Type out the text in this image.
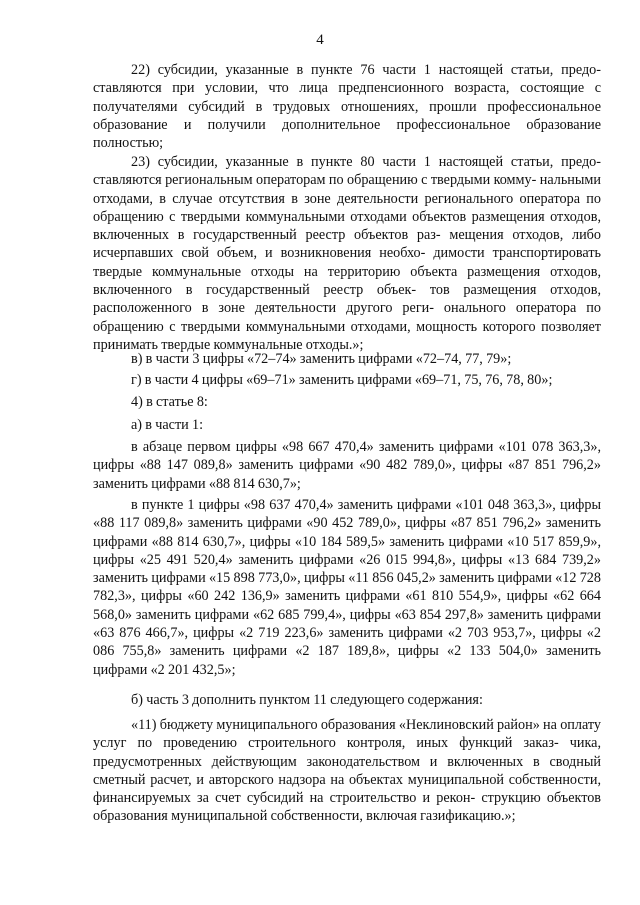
4
22) субсидии, указанные в пункте 76 части 1 настоящей статьи, предо- ставляются при условии, что лица предпенсионного возраста, состоящие с получателями субсидий в трудовых отношениях, прошли профессиональное образование и получили дополнительное профессиональное образование полностью;
23) субсидии, указанные в пункте 80 части 1 настоящей статьи, предо- ставляются региональным операторам по обращению с твердыми комму- нальными отходами, в случае отсутствия в зоне деятельности регионального оператора по обращению с твердыми коммунальными отходами объектов размещения отходов, включенных в государственный реестр объектов раз- мещения отходов, либо исчерпавших свой объем, и возникновения необхо- димости транспортировать твердые коммунальные отходы на территорию объекта размещения отходов, включенного в государственный реестр объек- тов размещения отходов, расположенного в зоне деятельности другого реги- онального оператора по обращению с твердыми коммунальными отходами, мощность которого позволяет принимать твердые коммунальные отходы.»;
в) в части 3 цифры «72–74» заменить цифрами «72–74, 77, 79»;
г) в части 4 цифры «69–71» заменить цифрами «69–71, 75, 76, 78, 80»;
4) в статье 8:
а) в части 1:
в абзаце первом цифры «98 667 470,4» заменить цифрами «101 078 363,3», цифры «88 147 089,8» заменить цифрами «90 482 789,0», цифры «87 851 796,2» заменить цифрами «88 814 630,7»;
в пункте 1 цифры «98 637 470,4» заменить цифрами «101 048 363,3», цифры «88 117 089,8» заменить цифрами «90 452 789,0», цифры «87 851 796,2» заменить цифрами «88 814 630,7», цифры «10 184 589,5» заменить цифрами «10 517 859,9», цифры «25 491 520,4» заменить цифрами «26 015 994,8», цифры «13 684 739,2» заменить цифрами «15 898 773,0», цифры «11 856 045,2» заменить цифрами «12 728 782,3», цифры «60 242 136,9» заменить цифрами «61 810 554,9», цифры «62 664 568,0» заменить цифрами «62 685 799,4», цифры «63 854 297,8» заменить цифрами «63 876 466,7», цифры «2 719 223,6» заменить цифрами «2 703 953,7», цифры «2 086 755,8» заменить цифрами «2 187 189,8», цифры «2 133 504,0» заменить цифрами «2 201 432,5»;
б) часть 3 дополнить пунктом 11 следующего содержания:
«11) бюджету муниципального образования «Неклиновский район» на оплату услуг по проведению строительного контроля, иных функций заказ- чика, предусмотренных действующим законодательством и включенных в сводный сметный расчет, и авторского надзора на объектах муниципальной собственности, финансируемых за счет субсидий на строительство и рекон- струкцию объектов образования муниципальной собственности, включая газификацию.»;
